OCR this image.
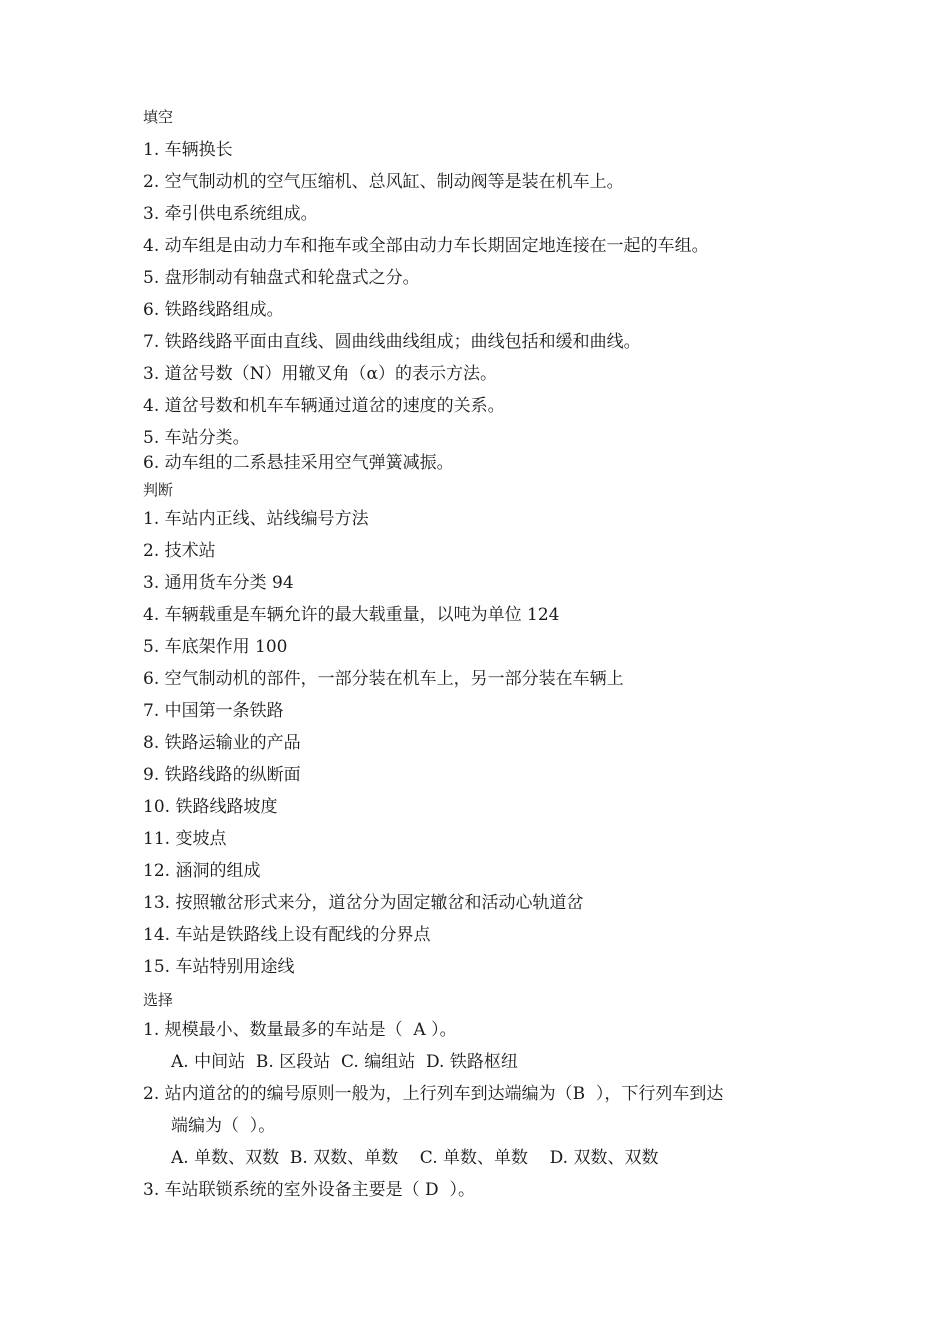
填空
1. 车辆换长
2. 空气制动机的空气压缩机、总风缸、制动阀等是装在机车上。
3. 牵引供电系统组成。
4. 动车组是由动力车和拖车或全部由动力车长期固定地连接在一起的车组。
5. 盘形制动有轴盘式和轮盘式之分。
6. 铁路线路组成。
7. 铁路线路平面由直线、圆曲线曲线组成；曲线包括和缓和曲线。
3. 道岔号数（N）用辙叉角（α）的表示方法。
4. 道岔号数和机车车辆通过道岔的速度的关系。
5. 车站分类。
6. 动车组的二系悬挂采用空气弹簧减振。
判断
1. 车站内正线、站线编号方法
2. 技术站
3. 通用货车分类 94
4. 车辆载重是车辆允许的最大载重量，以吨为单位 124
5. 车底架作用 100
6. 空气制动机的部件，一部分装在机车上，另一部分装在车辆上
7. 中国第一条铁路
8. 铁路运输业的产品
9. 铁路线路的纵断面
10. 铁路线路坡度
11. 变坡点
12. 涵洞的组成
13. 按照辙岔形式来分，道岔分为固定辙岔和活动心轨道岔
14. 车站是铁路线上设有配线的分界点
15. 车站特别用途线
选择
1. 规模最小、数量最多的车站是（  A ）。
A. 中间站  B. 区段站  C. 编组站  D. 铁路枢纽
2. 站内道岔的的编号原则一般为，上行列车到达端编为（B  ），下行列车到达
端编为（  ）。
A. 单数、双数  B. 双数、单数    C. 单数、单数    D. 双数、双数
3. 车站联锁系统的室外设备主要是（ D  ）。
